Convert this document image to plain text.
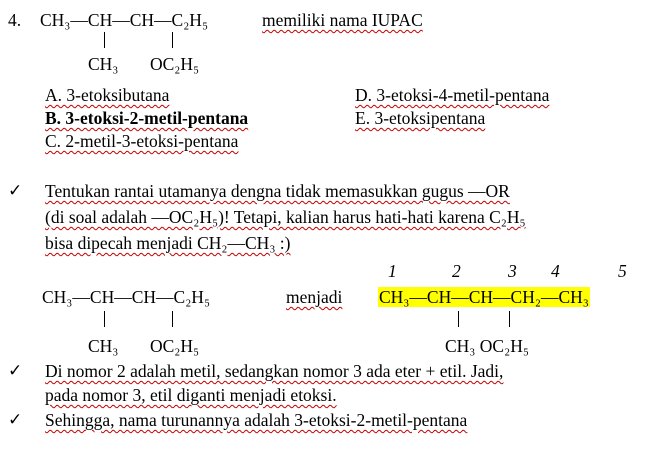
4. CH₃—CH—CH—C₂H₅	memiliki nama IUPAC
CH₃ OC₂H₅
A. 3-etoksibutana
B. 3-etoksi-2-metil-pentana
C. 2-metil-3-etoksi-pentana
D. 3-etoksi-4-metil-pentana
E. 3-etoksipentana
✓ Tentukan rantai utamanya dengna tidak memasukkan gugus —OR
(di soal adalah —OC₂H₅)! Tetapi, kalian harus hati-hati karena C₂H₅
bisa dipecah menjadi CH₂—CH₃ :)
1	2	3 4	5
CH₃—CH—CH—C₂H₅	menjadi CH₃—CH—CH—CH₂—CH₃
CH₃ OC₂H₅	CH₃ OC₂H₅
✓ Di nomor 2 adalah metil, sedangkan nomor 3 ada eter + etil. Jadi,
pada nomor 3, etil diganti menjadi etoksi.
✓ Sehingga, nama turunannya adalah 3-etoksi-2-metil-pentana
